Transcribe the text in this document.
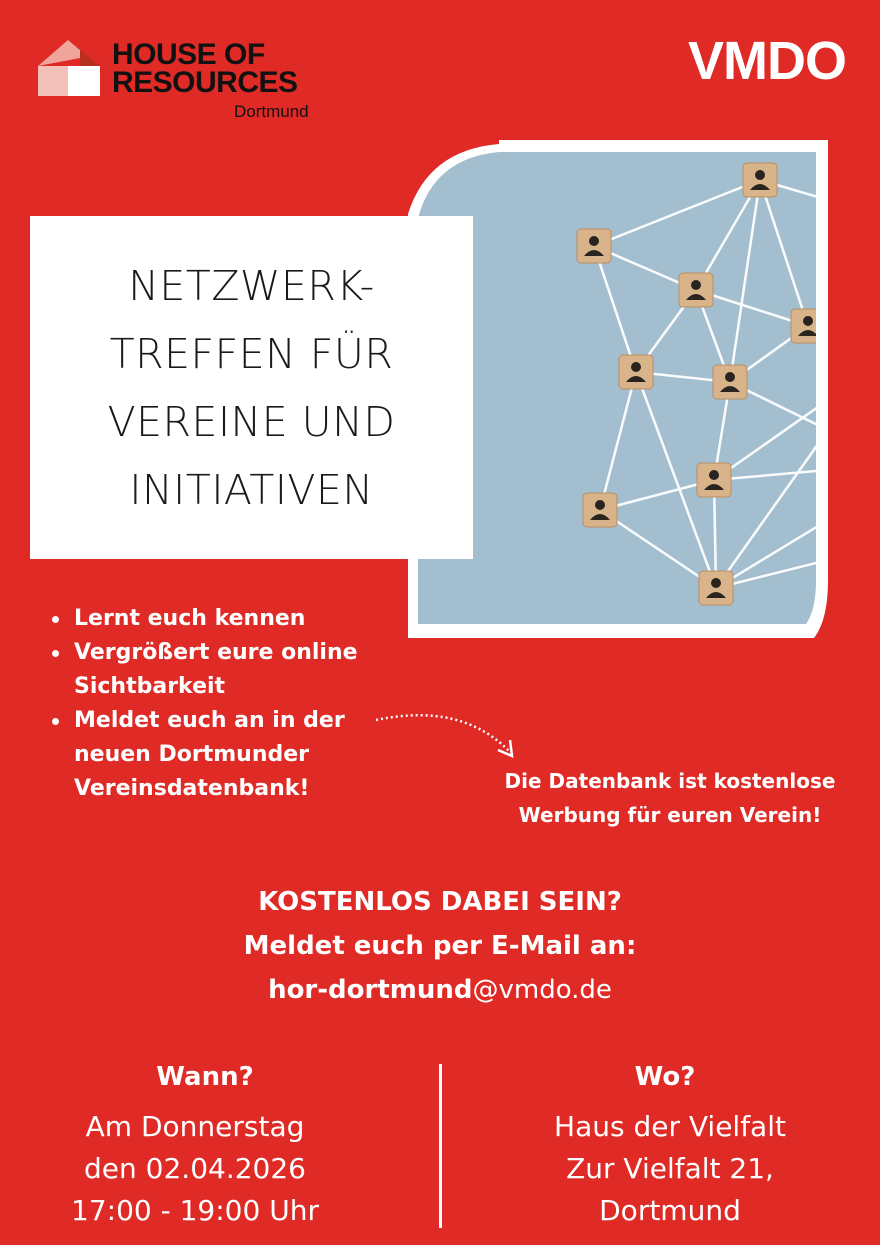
HOUSE OF
RESOURCES
Dortmund
VMDO
NETZWERK-
TREFFEN FÜR
VEREINE UND
INITIATIVEN
Lernt euch kennen
Vergrößert eure online Sichtbarkeit
Meldet euch an in der neuen Dortmunder Vereinsdatenbank!	Die Datenbank ist kostenlose
Werbung für euren Verein!
KOSTENLOS DABEI SEIN?
Meldet euch per E-Mail an:
hor-dortmund@vmdo.de
Wann?
Am Donnerstag
den 02.04.2026
17:00 - 19:00 Uhr
Wo?
Haus der Vielfalt
Zur Vielfalt 21,
Dortmund
